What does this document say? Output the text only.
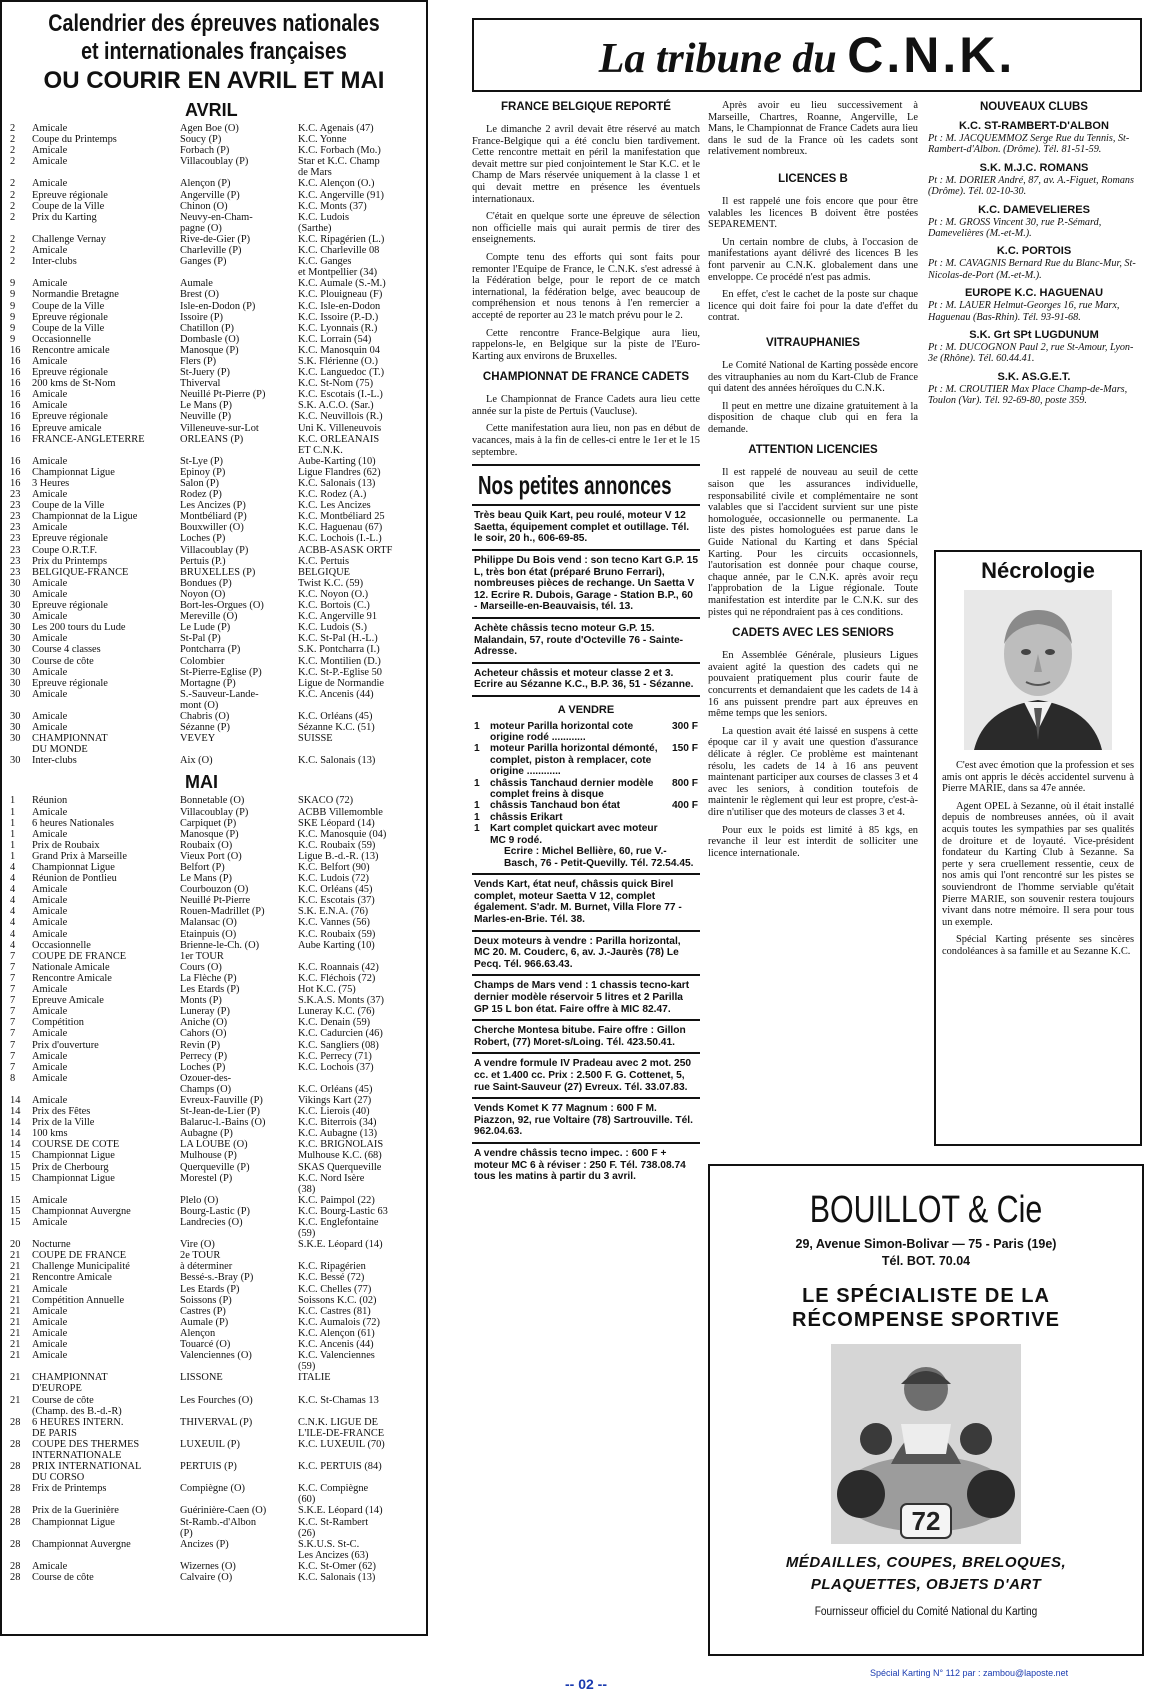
Calendrier des épreuves nationales
et internationales françaises
OU COURIR EN AVRIL ET MAI
AVRIL
2	Amicale	Agen Boe (O)	K.C. Agenais (47)
2	Coupe du Printemps	Soucy (P)	K.C. Yonne
2	Amicale	Forbach (P)	K.C. Forbach (Mo.)
2	Amicale	Villacoublay (P)	Star et K.C. Champ
			de Mars
2	Amicale	Alençon (P)	K.C. Alençon (O.)
2	Epreuve régionale	Angerville (P)	K.C. Angerville (91)
2	Coupe de la Ville	Chinon (O)	K.C. Monts (37)
2	Prix du Karting	Neuvy-en-Cham-	K.C. Ludois
		pagne (O)	(Sarthe)
2	Challenge Vernay	Rive-de-Gier (P)	K.C. Ripagérien (L.)
2	Amicale	Charleville (P)	K.C. Charleville 08
2	Inter-clubs	Ganges (P)	K.C. Ganges
			et Montpellier (34)
9	Amicale	Aumale	K.C. Aumale (S.-M.)
9	Normandie Bretagne	Brest (O)	K.C. Plouigneau (F)
9	Coupe de la Ville	Isle-en-Dodon (P)	K.C. Isle-en-Dodon
9	Epreuve régionale	Issoire (P)	K.C. Issoire (P.-D.)
9	Coupe de la Ville	Chatillon (P)	K.C. Lyonnais (R.)
9	Occasionnelle	Dombasle (O)	K.C. Lorrain (54)
16	Rencontre amicale	Manosque (P)	K.C. Manosquin 04
16	Amicale	Flers (P)	S.K. Flérienne (O.)
16	Epreuve régionale	St-Juery (P)	K.C. Languedoc (T.)
16	200 kms de St-Nom	Thiverval	K.C. St-Nom (75)
16	Amicale	Neuillé Pt-Pierre (P)	K.C. Escotais (I.-L.)
16	Amicale	Le Mans (P)	S.K. A.C.O. (Sar.)
16	Epreuve régionale	Neuville (P)	K.C. Neuvillois (R.)
16	Epreuve amicale	Villeneuve-sur-Lot	Uni K. Villeneuvois
16	FRANCE-ANGLETERRE	ORLEANS (P)	K.C. ORLEANAIS
			ET C.N.K.
16	Amicale	St-Lye (P)	Aube-Karting (10)
16	Championnat Ligue	Epinoy (P)	Ligue Flandres (62)
16	3 Heures	Salon (P)	K.C. Salonais (13)
23	Amicale	Rodez (P)	K.C. Rodez (A.)
23	Coupe de la Ville	Les Ancizes (P)	K.C. Les Ancizes
23	Championnat de la Ligue	Montbéliard (P)	K.C. Montbéliard 25
23	Amicale	Bouxwiller (O)	K.C. Haguenau (67)
23	Epreuve régionale	Loches (P)	K.C. Lochois (I.-L.)
23	Coupe O.R.T.F.	Villacoublay (P)	ACBB-ASASK ORTF
23	Prix du Printemps	Pertuis (P.)	K.C. Pertuis
23	BELGIQUE-FRANCE	BRUXELLES (P)	BELGIQUE
30	Amicale	Bondues (P)	Twist K.C. (59)
30	Amicale	Noyon (O)	K.C. Noyon (O.)
30	Epreuve régionale	Bort-les-Orgues (O)	K.C. Bortois (C.)
30	Amicale	Mereville (O)	K.C. Angerville 91
30	Les 200 tours du Lude	Le Lude (P)	K.C. Ludois (S.)
30	Amicale	St-Pal (P)	K.C. St-Pal (H.-L.)
30	Course 4 classes	Pontcharra (P)	S.K. Pontcharra (I.)
30	Course de côte	Colombier	K.C. Montilien (D.)
30	Amicale	St-Pierre-Eglise (P)	K.C. St-P.-Eglise 50
30	Epreuve régionale	Mortagne (P)	Ligue de Normandie
30	Amicale	S.-Sauveur-Lande-	K.C. Ancenis (44)
		mont (O)	
30	Amicale	Chabris (O)	K.C. Orléans (45)
30	Amicale	Sézanne (P)	Sézanne K.C. (51)
30	CHAMPIONNAT	VEVEY	SUISSE
	DU MONDE		
30	Inter-clubs	Aix (O)	K.C. Salonais (13)
MAI
1	Réunion	Bonnetable (O)	SKACO (72)
1	Amicale	Villacoublay (P)	ACBB Villemomble
1	6 heures Nationales	Carpiquet (P)	SKE Léopard (14)
1	Amicale	Manosque (P)	K.C. Manosquie (04)
1	Prix de Roubaix	Roubaix (O)	K.C. Roubaix (59)
1	Grand Prix à Marseille	Vieux Port (O)	Ligue B.-d.-R. (13)
4	Championnat Ligue	Belfort (P)	K.C. Belfort (90)
4	Réunion de Pontlieu	Le Mans (P)	K.C. Ludois (72)
4	Amicale	Courbouzon (O)	K.C. Orléans (45)
4	Amicale	Neuillé Pt-Pierre	K.C. Escotais (37)
4	Amicale	Rouen-Madrillet (P)	S.K. E.N.A. (76)
4	Amicale	Malansac (O)	K.C. Vannes (56)
4	Amicale	Etainpuis (O)	K.C. Roubaix (59)
4	Occasionnelle	Brienne-le-Ch. (O)	Aube Karting (10)
7	COUPE DE FRANCE	1er TOUR	
7	Nationale Amicale	Cours (O)	K.C. Roannais (42)
7	Rencontre Amicale	La Flèche (P)	K.C. Fléchois (72)
7	Amicale	Les Etards (P)	Hot K.C. (75)
7	Epreuve Amicale	Monts (P)	S.K.A.S. Monts (37)
7	Amicale	Luneray (P)	Luneray K.C. (76)
7	Compétition	Aniche (O)	K.C. Denain (59)
7	Amicale	Cahors (O)	K.C. Cadurcien (46)
7	Prix d'ouverture	Revin (P)	K.C. Sangliers (08)
7	Amicale	Perrecy (P)	K.C. Perrecy (71)
7	Amicale	Loches (P)	K.C. Lochois (37)
8	Amicale	Ozouer-des-	
		Champs (O)	K.C. Orléans (45)
14	Amicale	Evreux-Fauville (P)	Vikings Kart (27)
14	Prix des Fêtes	St-Jean-de-Lier (P)	K.C. Lierois (40)
14	Prix de la Ville	Balaruc-l.-Bains (O)	K.C. Biterrois (34)
14	100 kms	Aubagne (P)	K.C. Aubagne (13)
14	COURSE DE COTE	LA LOUBE (O)	K.C. BRIGNOLAIS
15	Championnat Ligue	Mulhouse (P)	Mulhouse K.C. (68)
15	Prix de Cherbourg	Querqueville (P)	SKAS Querqueville
15	Championnat Ligue	Morestel (P)	K.C. Nord Isère
			(38)
15	Amicale	Plelo (O)	K.C. Paimpol (22)
15	Championnat Auvergne	Bourg-Lastic (P)	K.C. Bourg-Lastic 63
15	Amicale	Landrecies (O)	K.C. Englefontaine
			(59)
20	Nocturne	Vire (O)	S.K.E. Léopard (14)
21	COUPE DE FRANCE	2e TOUR	
21	Challenge Municipalité	à déterminer	K.C. Ripagérien
21	Rencontre Amicale	Bessé-s.-Bray (P)	K.C. Bessé (72)
21	Amicale	Les Etards (P)	K.C. Chelles (77)
21	Compétition Annuelle	Soissons (P)	Soissons K.C. (02)
21	Amicale	Castres (P)	K.C. Castres (81)
21	Amicale	Aumale (P)	K.C. Aumalois (72)
21	Amicale	Alençon	K.C. Alençon (61)
21	Amicale	Touarcé (O)	K.C. Ancenis (44)
21	Amicale	Valenciennes (O)	K.C. Valenciennes
			(59)
21	CHAMPIONNAT	LISSONE	ITALIE
	D'EUROPE		
21	Course de côte	Les Fourches (O)	K.C. St-Chamas 13
	(Champ. des B.-d.-R)		
28	6 HEURES INTERN.	THIVERVAL (P)	C.N.K. LIGUE DE
	DE PARIS		L'ILE-DE-FRANCE
28	COUPE DES THERMES	LUXEUIL (P)	K.C. LUXEUIL (70)
	INTERNATIONALE		
28	PRIX INTERNATIONAL	PERTUIS (P)	K.C. PERTUIS (84)
	DU CORSO		
28	Frix de Printemps	Compiègne (O)	K.C. Compiègne
			(60)
28	Prix de la Guerinière	Guérinière-Caen (O)	S.K.E. Léopard (14)
28	Championnat Ligue	St-Ramb.-d'Albon	K.C. St-Rambert
		(P)	(26)
28	Championnat Auvergne	Ancizes (P)	S.K.U.S. St-C.
			Les Ancizes (63)
28	Amicale	Wizernes (O)	K.C. St-Omer (62)
28	Course de côte	Calvaire (O)	K.C. Salonais (13)
La tribune du C.N.K.
FRANCE BELGIQUE REPORTÉ

Le dimanche 2 avril devait être réservé au match France-Belgique qui a été conclu bien tardivement. Cette rencontre mettait en péril la manifestation que devait mettre sur pied conjointement le Star K.C. et le Champ de Mars réservée uniquement à la classe 1 et qui devait mettre en présence les éventuels internationaux.

C'était en quelque sorte une épreuve de sélection non officielle mais qui aurait permis de tirer des enseignements.

Compte tenu des efforts qui sont faits pour remonter l'Equipe de France, le C.N.K. s'est adressé à la Fédération belge, pour le report de ce match international, la fédération belge, avec beaucoup de compréhension et nous tenons à l'en remercier a accepté de reporter au 23 le match prévu pour le 2.

Cette rencontre France-Belgique aura lieu, rappelons-le, en Belgique sur la piste de l'Euro-Karting aux environs de Bruxelles.

CHAMPIONNAT DE FRANCE CADETS

Le Championnat de France Cadets aura lieu cette année sur la piste de Pertuis (Vaucluse).

Cette manifestation aura lieu, non pas en début de vacances, mais à la fin de celles-ci entre le 1er et le 15 septembre.

Nos petites annonces
Très beau Quik Kart, peu roulé, moteur V 12 Saetta, équipement complet et outillage. Tél. le soir, 20 h., 606-69-85.
Philippe Du Bois vend : son tecno Kart G.P. 15 L, très bon état (préparé Bruno Ferrari), nombreuses pièces de rechange. Un Saetta V 12. Ecrire R. Dubois, Garage - Station B.P., 60 - Marseille-en-Beauvaisis, tél. 13.
Achète châssis tecno moteur G.P. 15. Malandain, 57, route d'Octeville 76 - Sainte-Adresse.
Acheteur châssis et moteur classe 2 et 3. Ecrire au Sézanne K.C., B.P. 36, 51 - Sézanne.
A VENDRE
1	moteur Parilla horizontal cote origine rodé ............
300 F
1	moteur Parilla horizontal démonté, complet, piston à remplacer, cote origine ............
150 F
1	châssis Tanchaud dernier modèle complet freins à disque
800 F
1	châssis Tanchaud bon état	400 F
1	châssis Erikart
1	Kart complet quickart avec moteur MC 9 rodé.
Ecrire : Michel Bellière, 60, rue V.-Basch, 76 - Petit-Quevilly. Tél. 72.54.45.
Vends Kart, état neuf, châssis quick Birel complet, moteur Saetta V 12, complet également. S'adr. M. Burnet, Villa Flore 77 - Marles-en-Brie. Tél. 38.
Deux moteurs à vendre : Parilla horizontal, MC 20. M. Couderc, 6, av. J.-Jaurès (78) Le Pecq. Tél. 966.63.43.
Champs de Mars vend : 1 chassis tecno-kart dernier modèle réservoir 5 litres et 2 Parilla GP 15 L bon état. Faire offre à MIC 82.47.
Cherche Montesa bitube. Faire offre : Gillon Robert, (77) Moret-s/Loing. Tél. 423.50.41.
A vendre formule IV Pradeau avec 2 mot. 250 cc. et 1.400 cc. Prix : 2.500 F. G. Cottenet, 5, rue Saint-Sauveur (27) Evreux. Tél. 33.07.83.
Vends Komet K 77 Magnum : 600 F M. Piazzon, 92, rue Voltaire (78) Sartrouville. Tél. 962.04.63.
A vendre châssis tecno impec. : 600 F + moteur MC 6 à réviser : 250 F. Tél. 738.08.74 tous les matins à partir du 3 avril.

Après avoir eu lieu successivement à Marseille, Chartres, Roanne, Angerville, Le Mans, le Championnat de France Cadets aura lieu dans le sud de la France où les cadets sont relativement nombreux.

LICENCES B

Il est rappelé une fois encore que pour être valables les licences B doivent être postées SEPAREMENT.

Un certain nombre de clubs, à l'occasion de manifestations ayant délivré des licences B les font parvenir au C.N.K. globalement dans une enveloppe. Ce procédé n'est pas admis.

En effet, c'est le cachet de la poste sur chaque licence qui doit faire foi pour la date d'effet du contrat.

VITRAUPHANIES

Le Comité National de Karting possède encore des vitrauphanies au nom du Kart-Club de France qui datent des années héroïques du C.N.K.

Il peut en mettre une dizaine gratuitement à la disposition de chaque club qui en fera la demande.

ATTENTION LICENCIES

Il est rappelé de nouveau au seuil de cette saison que les assurances individuelle, responsabilité civile et complémentaire ne sont valables que si l'accident survient sur une piste homologuée, occasionnelle ou permanente. La liste des pistes homologuées est parue dans le Guide National du Karting et dans Spécial Karting. Pour les circuits occasionnels, l'autorisation est donnée pour chaque course, chaque année, par le C.N.K. après avoir reçu l'approbation de la Ligue régionale. Toute manifestation est interdite par le C.N.K. sur des pistes qui ne répondraient pas à ces conditions.

CADETS AVEC LES SENIORS

En Assemblée Générale, plusieurs Ligues avaient agité la question des cadets qui ne pouvaient pratiquement plus courir faute de concurrents et demandaient que les cadets de 14 à 16 ans puissent prendre part aux épreuves en même temps que les seniors.

La question avait été laissé en suspens à cette époque car il y avait une question d'assurance délicate à régler. Ce problème est maintenant résolu, les cadets de 14 à 16 ans peuvent maintenant participer aux courses de classes 3 et 4 avec les seniors, à condition toutefois de maintenir le règlement qui leur est propre, c'est-à-dire n'utiliser que des moteurs de classes 3 et 4.

Pour eux le poids est limité à 85 kgs, en revanche il leur est interdit de solliciter une licence internationale.

NOUVEAUX CLUBS
K.C. ST-RAMBERT-D'ALBON
Pt : M. JACQUEMMOZ Serge Rue du Tennis, St-Rambert-d'Albon. (Drôme). Tél. 81-51-59.
S.K. M.J.C. ROMANS
Pt : M. DORIER André, 87, av. A.-Figuet, Romans (Drôme). Tél. 02-10-30.
K.C. DAMEVELIERES
Pt : M. GROSS Vincent 30, rue P.-Sémard, Damevelières (M.-et-M.).
K.C. PORTOIS
Pt : M. CAVAGNIS Bernard Rue du Blanc-Mur, St-Nicolas-de-Port (M.-et-M.).
EUROPE K.C. HAGUENAU
Pt : M. LAUER Helmut-Georges 16, rue Marx, Haguenau (Bas-Rhin). Tél. 93-91-68.
S.K. Grt SPt LUGDUNUM
Pt : M. DUCOGNON Paul 2, rue St-Amour, Lyon-3e (Rhône). Tél. 60.44.41.
S.K. AS.G.E.T.
Pt : M. CROUTIER Max Place Champ-de-Mars, Toulon (Var). Tél. 92-69-80, poste 359.
Nécrologie

C'est avec émotion que la profession et ses amis ont appris le décès accidentel survenu à Pierre MARIE, dans sa 47e année.

Agent OPEL à Sezanne, où il était installé depuis de nombreuses années, où il avait acquis toutes les sympathies par ses qualités de droiture et de loyauté. Vice-président fondateur du Karting Club à Sezanne. Sa perte y sera cruellement ressentie, ceux de nos amis qui l'ont rencontré sur les pistes se souviendront de l'homme serviable qu'était Pierre MARIE, son souvenir restera toujours vivant dans notre mémoire. Il sera pour tous un exemple.

Spécial Karting présente ses sincères condoléances à sa famille et au Sezanne K.C.

BOUILLOT & Cie
29, Avenue Simon-Bolivar — 75 - Paris (19e)
Tél. BOT. 70.04
LE SPÉCIALISTE DE LA
RÉCOMPENSE SPORTIVE
72
MÉDAILLES, COUPES, BRELOQUES,
PLAQUETTES, OBJETS D'ART
Fournisseur officiel du Comité National du Karting
-- 02 --
Spécial Karting N° 112 par : zambou@laposte.net
